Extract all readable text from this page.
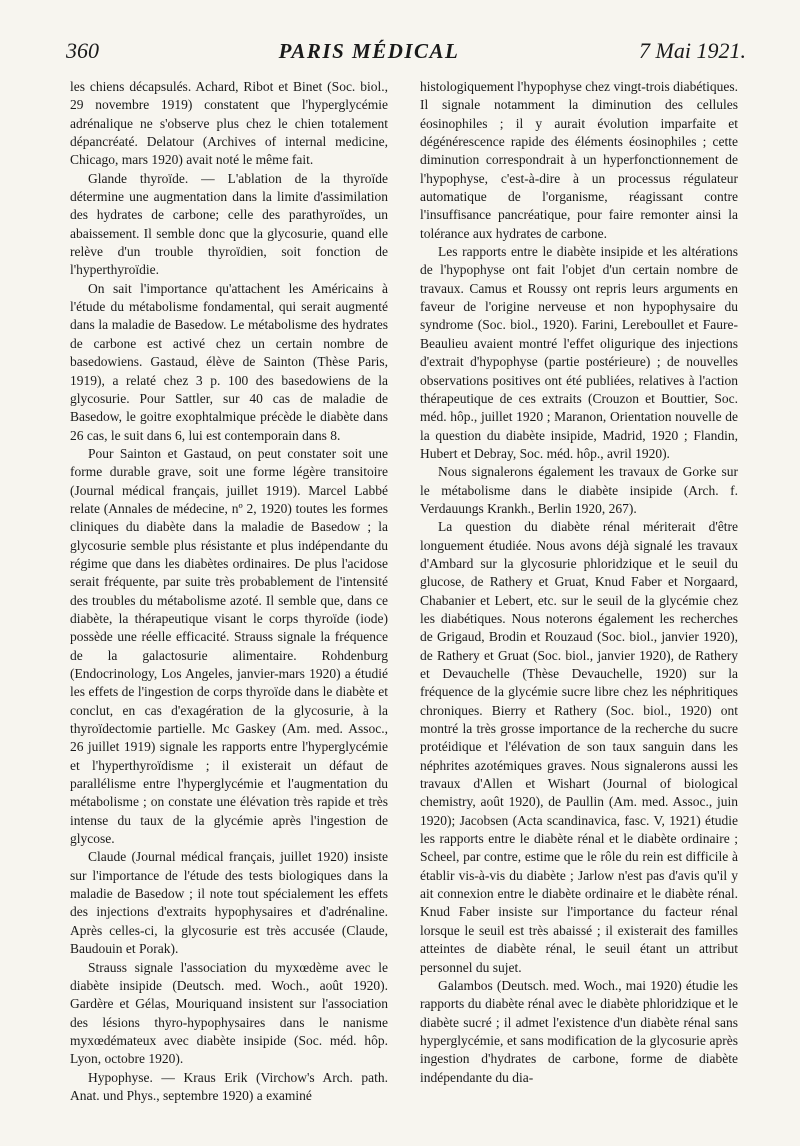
360	PARIS MÉDICAL	7 Mai 1921.

les chiens décapsulés. Achard, Ribot et Binet (Soc. biol., 29 novembre 1919) constatent que l'hyperglycémie adrénalique ne s'observe plus chez le chien totalement dépancréaté. Delatour (Archives of internal medicine, Chicago, mars 1920) avait noté le même fait.

Glande thyroïde. — L'ablation de la thyroïde détermine une augmentation dans la limite d'assimilation des hydrates de carbone; celle des parathyroïdes, un abaissement. Il semble donc que la glycosurie, quand elle relève d'un trouble thyroïdien, soit fonction de l'hyperthyroïdie.

On sait l'importance qu'attachent les Américains à l'étude du métabolisme fondamental, qui serait augmenté dans la maladie de Basedow. Le métabolisme des hydrates de carbone est activé chez un certain nombre de basedowiens. Gastaud, élève de Sainton (Thèse Paris, 1919), a relaté chez 3 p. 100 des basedowiens de la glycosurie. Pour Sattler, sur 40 cas de maladie de Basedow, le goitre exophtalmique précède le diabète dans 26 cas, le suit dans 6, lui est contemporain dans 8.

Pour Sainton et Gastaud, on peut constater soit une forme durable grave, soit une forme légère transitoire (Journal médical français, juillet 1919). Marcel Labbé relate (Annales de médecine, nº 2, 1920) toutes les formes cliniques du diabète dans la maladie de Basedow ; la glycosurie semble plus résistante et plus indépendante du régime que dans les diabètes ordinaires. De plus l'acidose serait fréquente, par suite très probablement de l'intensité des troubles du métabolisme azoté. Il semble que, dans ce diabète, la thérapeutique visant le corps thyroïde (iode) possède une réelle efficacité. Strauss signale la fréquence de la galactosurie alimentaire. Rohdenburg (Endocrinology, Los Angeles, janvier-mars 1920) a étudié les effets de l'ingestion de corps thyroïde dans le diabète et conclut, en cas d'exagération de la glycosurie, à la thyroïdectomie partielle. Mc Gaskey (Am. med. Assoc., 26 juillet 1919) signale les rapports entre l'hyperglycémie et l'hyperthyroïdisme ; il existerait un défaut de parallélisme entre l'hyperglycémie et l'augmentation du métabolisme ; on constate une élévation très rapide et très intense du taux de la glycémie après l'ingestion de glycose.

Claude (Journal médical français, juillet 1920) insiste sur l'importance de l'étude des tests biologiques dans la maladie de Basedow ; il note tout spécialement les effets des injections d'extraits hypophysaires et d'adrénaline. Après celles-ci, la glycosurie est très accusée (Claude, Baudouin et Porak).

Strauss signale l'association du myxœdème avec le diabète insipide (Deutsch. med. Woch., août 1920). Gardère et Gélas, Mouriquand insistent sur l'association des lésions thyro-hypophysaires dans le nanisme myxœdémateux avec diabète insipide (Soc. méd. hôp. Lyon, octobre 1920).

Hypophyse. — Kraus Erik (Virchow's Arch. path. Anat. und Phys., septembre 1920) a examiné

histologiquement l'hypophyse chez vingt-trois diabétiques. Il signale notamment la diminution des cellules éosinophiles ; il y aurait évolution imparfaite et dégénérescence rapide des éléments éosinophiles ; cette diminution correspondrait à un hyperfonctionnement de l'hypophyse, c'est-à-dire à un processus régulateur automatique de l'organisme, réagissant contre l'insuffisance pancréatique, pour faire remonter ainsi la tolérance aux hydrates de carbone.

Les rapports entre le diabète insipide et les altérations de l'hypophyse ont fait l'objet d'un certain nombre de travaux. Camus et Roussy ont repris leurs arguments en faveur de l'origine nerveuse et non hypophysaire du syndrome (Soc. biol., 1920). Farini, Lereboullet et Faure-Beaulieu avaient montré l'effet oligurique des injections d'extrait d'hypophyse (partie postérieure) ; de nouvelles observations positives ont été publiées, relatives à l'action thérapeutique de ces extraits (Crouzon et Bouttier, Soc. méd. hôp., juillet 1920 ; Maranon, Orientation nouvelle de la question du diabète insipide, Madrid, 1920 ; Flandin, Hubert et Debray, Soc. méd. hôp., avril 1920).

Nous signalerons également les travaux de Gorke sur le métabolisme dans le diabète insipide (Arch. f. Verdauungs Krankh., Berlin 1920, 267).

La question du diabète rénal mériterait d'être longuement étudiée. Nous avons déjà signalé les travaux d'Ambard sur la glycosurie phloridzique et le seuil du glucose, de Rathery et Gruat, Knud Faber et Norgaard, Chabanier et Lebert, etc. sur le seuil de la glycémie chez les diabétiques. Nous noterons également les recherches de Grigaud, Brodin et Rouzaud (Soc. biol., janvier 1920), de Rathery et Gruat (Soc. biol., janvier 1920), de Rathery et Devauchelle (Thèse Devauchelle, 1920) sur la fréquence de la glycémie sucre libre chez les néphritiques chroniques. Bierry et Rathery (Soc. biol., 1920) ont montré la très grosse importance de la recherche du sucre protéidique et l'élévation de son taux sanguin dans les néphrites azotémiques graves. Nous signalerons aussi les travaux d'Allen et Wishart (Journal of biological chemistry, août 1920), de Paullin (Am. med. Assoc., juin 1920); Jacobsen (Acta scandinavica, fasc. V, 1921) étudie les rapports entre le diabète rénal et le diabète ordinaire ; Scheel, par contre, estime que le rôle du rein est difficile à établir vis-à-vis du diabète ; Jarlow n'est pas d'avis qu'il y ait connexion entre le diabète ordinaire et le diabète rénal. Knud Faber insiste sur l'importance du facteur rénal lorsque le seuil est très abaissé ; il existerait des familles atteintes de diabète rénal, le seuil étant un attribut personnel du sujet.

Galambos (Deutsch. med. Woch., mai 1920) étudie les rapports du diabète rénal avec le diabète phloridzique et le diabète sucré ; il admet l'existence d'un diabète rénal sans hyperglycémie, et sans modification de la glycosurie après ingestion d'hydrates de carbone, forme de diabète indépendante du dia-
